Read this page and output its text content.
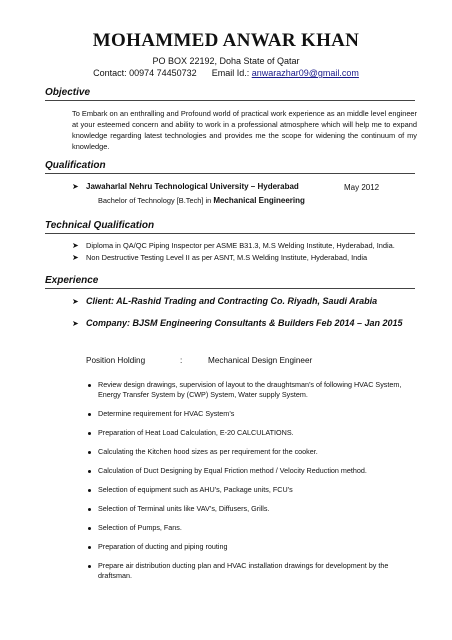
MOHAMMED ANWAR KHAN
PO BOX 22192, Doha State of Qatar
Contact: 00974 74450732 Email Id.: anwarazhar09@gmail.com
Objective
To Embark on an enthralling and Profound world of practical work experience as an middle level engineer at your esteemed concern and ability to work in a professional atmosphere which will help me to expand knowledge regarding latest technologies and provides me the scope for widening the continuum of my knowledge.
Qualification
➤ Jawaharlal Nehru Technological University – Hyderabad	May 2012
Bachelor of Technology [B.Tech] in Mechanical Engineering
Technical Qualification
➤ Diploma in QA/QC Piping Inspector per ASME B31.3, M.S Welding Institute, Hyderabad, India.
➤ Non Destructive Testing Level II as per ASNT, M.S Welding Institute, Hyderabad, India
Experience
➤ Client: AL-Rashid Trading and Contracting Co. Riyadh, Saudi Arabia
➤ Company: BJSM Engineering Consultants & Builders Feb 2014 – Jan 2015
Position Holding	:	Mechanical Design Engineer
Review design drawings, supervision of layout to the draughtsman’s of following HVAC System, Energy Transfer System by (CWP) System, Water supply System.
Determine requirement for HVAC System’s
Preparation of Heat Load Calculation, E-20 CALCULATIONS.
Calculating the Kitchen hood sizes as per requirement for the cooker.
Calculation of Duct Designing by Equal Friction method / Velocity Reduction method.
Selection of equipment such as AHU’s, Package units, FCU’s
Selection of Terminal units like VAV’s, Diffusers, Grills.
Selection of Pumps, Fans.
Preparation of ducting and piping routing
Prepare air distribution ducting plan and HVAC installation drawings for development by the draftsman.
